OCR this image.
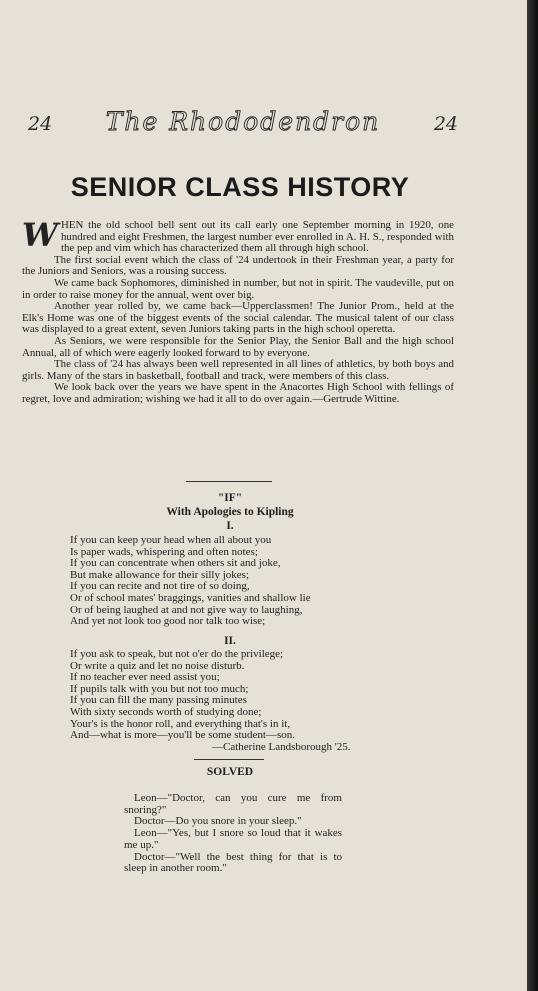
24 The Rhododendron	24
SENIOR CLASS HISTORY

WHEN the old school bell sent out its call early one September morning in 1920, one hundred and eight Freshmen, the largest number ever enrolled in A. H. S., responded with the pep and vim which has characterized them all through high school.

The first social event which the class of '24 undertook in their Freshman year, a party for the Juniors and Seniors, was a rousing success.

We came back Sophomores, diminished in number, but not in spirit. The vaudeville, put on in order to raise money for the annual, went over big.

Another year rolled by, we came back—Upperclassmen! The Junior Prom., held at the Elk's Home was one of the biggest events of the social calendar. The musical talent of our class was displayed to a great extent, seven Juniors taking parts in the high school operetta.

As Seniors, we were responsible for the Senior Play, the Senior Ball and the high school Annual, all of which were eagerly looked forward to by everyone.

The class of '24 has always been well represented in all lines of athletics, by both boys and girls. Many of the stars in basketball, football and track, were members of this class.

We look back over the years we have spent in the Anacortes High School with fellings of regret, love and admiration; wishing we had it all to do over again.—Gertrude Wittine.

"IF"
With Apologies to Kipling
I.
If you can keep your head when all about you
Is paper wads, whispering and often notes;
If you can concentrate when others sit and joke,
But make allowance for their silly jokes;
If you can recite and not tire of so doing,
Or of school mates' braggings, vanities and shallow lie
Or of being laughed at and not give way to laughing,
And yet not look too good nor talk too wise;
II.
If you ask to speak, but not o'er do the privilege;
Or write a quiz and let no noise disturb.
If no teacher ever need assist you;
If pupils talk with you but not too much;
If you can fill the many passing minutes
With sixty seconds worth of studying done;
Your's is the honor roll, and everything that's in it,
And—what is more—you'll be some student—son.
—Catherine Landsborough '25.
SOLVED

Leon—"Doctor, can you cure me from snoring?"

Doctor—Do you snore in your sleep."

Leon—"Yes, but I snore so loud that it wakes me up."

Doctor—"Well the best thing for that is to sleep in another room."
